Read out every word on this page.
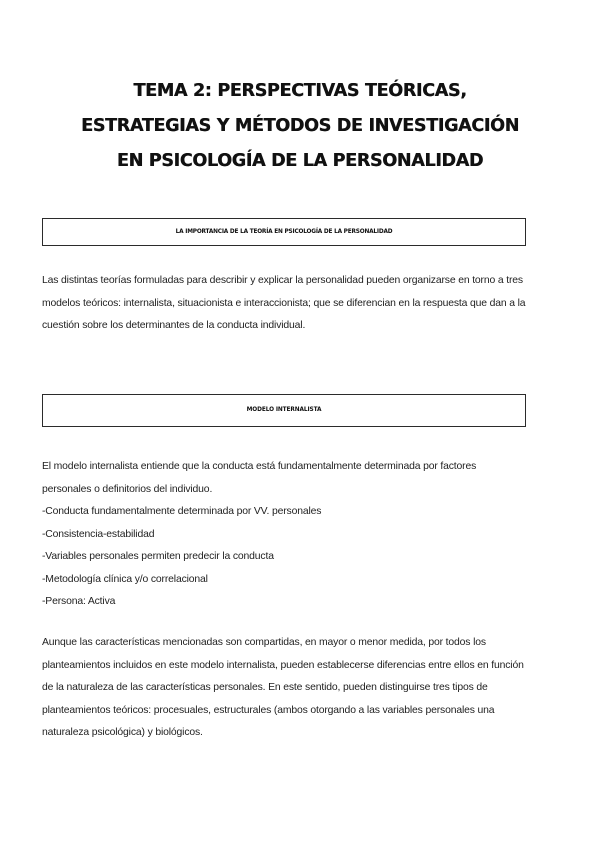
TEMA 2: PERSPECTIVAS TEÓRICAS,
ESTRATEGIAS Y MÉTODOS DE INVESTIGACIÓN
EN PSICOLOGÍA DE LA PERSONALIDAD
LA IMPORTANCIA DE LA TEORÍA EN PSICOLOGÍA DE LA PERSONALIDAD
Las distintas teorías formuladas para describir y explicar la personalidad pueden organizarse en torno a tres
modelos teóricos: internalista, situacionista e interaccionista; que se diferencian en la respuesta que dan a la
cuestión sobre los determinantes de la conducta individual.
MODELO INTERNALISTA
El modelo internalista entiende que la conducta está fundamentalmente determinada por factores
personales o definitorios del individuo.
-Conducta fundamentalmente determinada por VV. personales
-Consistencia-estabilidad
-Variables personales permiten predecir la conducta
-Metodología clínica y/o correlacional
-Persona: Activa
Aunque las características mencionadas son compartidas, en mayor o menor medida, por todos los
planteamientos incluidos en este modelo internalista, pueden establecerse diferencias entre ellos en función
de la naturaleza de las características personales. En este sentido, pueden distinguirse tres tipos de
planteamientos teóricos: procesuales, estructurales (ambos otorgando a las variables personales una
naturaleza psicológica) y biológicos.
